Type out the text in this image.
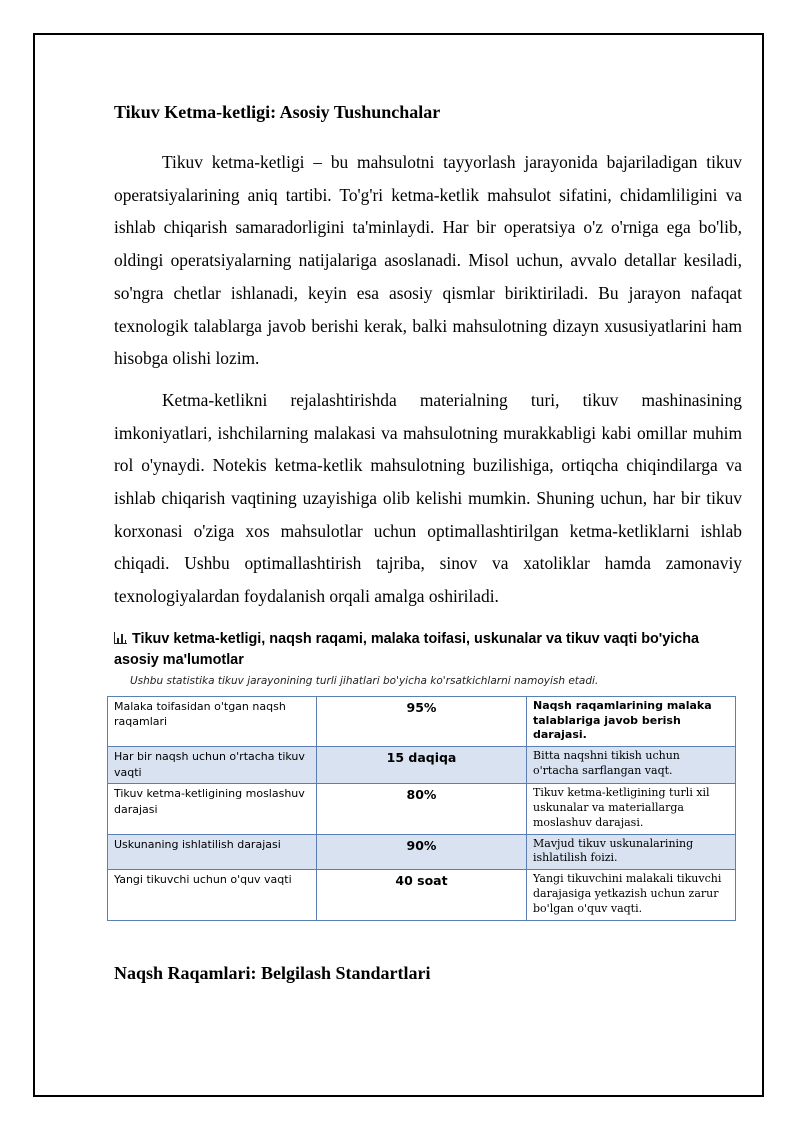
Tikuv Ketma-ketligi: Asosiy Tushunchalar

Tikuv ketma-ketligi – bu mahsulotni tayyorlash jarayonida bajariladigan tikuv operatsiyalarining aniq tartibi. To'g'ri ketma-ketlik mahsulot sifatini, chidamliligini va ishlab chiqarish samaradorligini ta'minlaydi. Har bir operatsiya o'z o'rniga ega bo'lib, oldingi operatsiyalarning natijalariga asoslanadi. Misol uchun, avvalo detallar kesiladi, so'ngra chetlar ishlanadi, keyin esa asosiy qismlar biriktiriladi. Bu jarayon nafaqat texnologik talablarga javob berishi kerak, balki mahsulotning dizayn xususiyatlarini ham hisobga olishi lozim.

Ketma-ketlikni rejalashtirishda materialning turi, tikuv mashinasining imkoniyatlari, ishchilarning malakasi va mahsulotning murakkabligi kabi omillar muhim rol o'ynaydi. Notekis ketma-ketlik mahsulotning buzilishiga, ortiqcha chiqindilarga va ishlab chiqarish vaqtining uzayishiga olib kelishi mumkin. Shuning uchun, har bir tikuv korxonasi o'ziga xos mahsulotlar uchun optimallashtirilgan ketma-ketliklarni ishlab chiqadi. Ushbu optimallashtirish tajriba, sinov va xatoliklar hamda zamonaviy texnologiyalardan foydalanish orqali amalga oshiriladi.

Tikuv ketma-ketligi, naqsh raqami, malaka toifasi, uskunalar va tikuv vaqti bo'yicha asosiy ma'lumotlar
Ushbu statistika tikuv jarayonining turli jihatlari bo'yicha ko'rsatkichlarni namoyish etadi.
Malaka toifasidan o'tgan naqsh raqamlari	95%	Naqsh raqamlarining malaka talablariga javob berish darajasi.
Har bir naqsh uchun o'rtacha tikuv vaqti	15 daqiqa	Bitta naqshni tikish uchun o'rtacha sarflangan vaqt.
Tikuv ketma-ketligining moslashuv darajasi	80%	Tikuv ketma-ketligining turli xil uskunalar va materiallarga moslashuv darajasi.
Uskunaning ishlatilish darajasi	90%	Mavjud tikuv uskunalarining ishlatilish foizi.
Yangi tikuvchi uchun o'quv vaqti	40 soat	Yangi tikuvchini malakali tikuvchi darajasiga yetkazish uchun zarur bo'lgan o'quv vaqti.
Naqsh Raqamlari: Belgilash Standartlari
